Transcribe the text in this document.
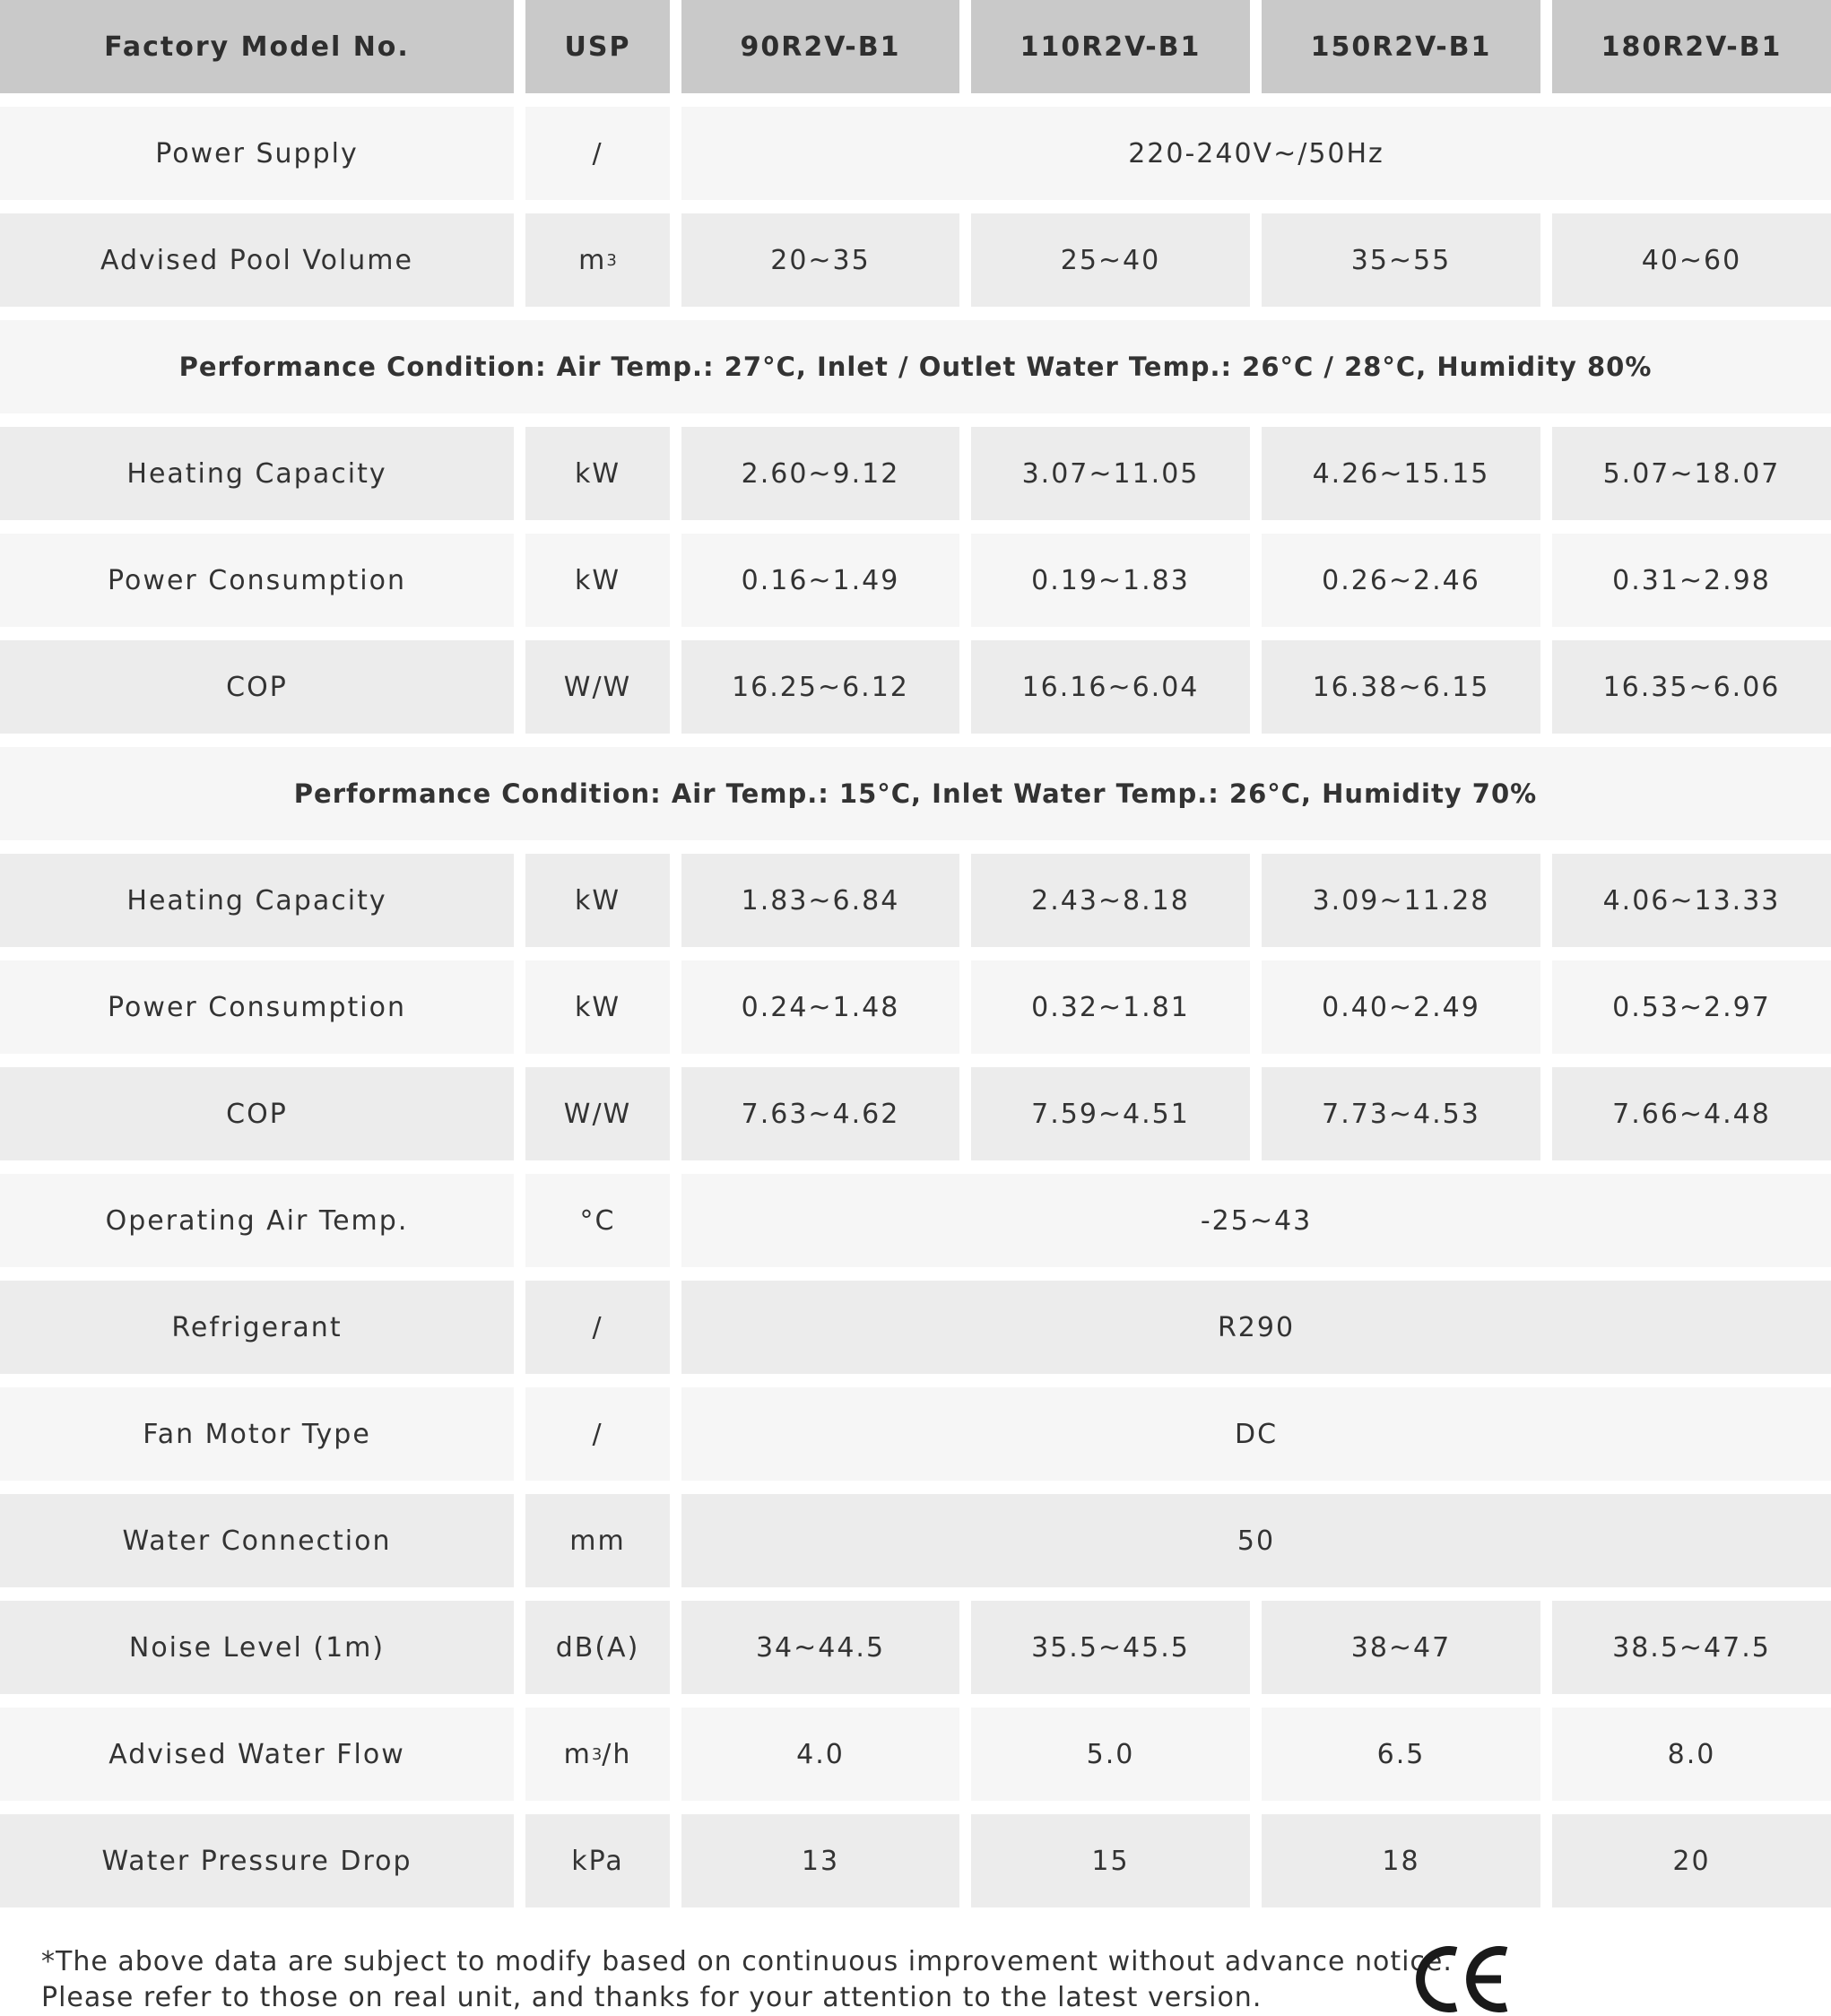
Factory Model No.	USP	90R2V-B1	110R2V-B1	150R2V-B1	180R2V-B1
Power Supply	/	220-240V~/50Hz
Advised Pool Volume	m 3	20~35	25~40	35~55	40~60
Performance Condition: Air Temp.: 27°C, Inlet / Outlet Water Temp.: 26°C / 28°C, Humidity 80%
Heating Capacity	kW	2.60~9.12	3.07~11.05	4.26~15.15	5.07~18.07
Power Consumption	kW	0.16~1.49	0.19~1.83	0.26~2.46	0.31~2.98
COP	W/W	16.25~6.12	16.16~6.04	16.38~6.15	16.35~6.06
Performance Condition: Air Temp.: 15°C, Inlet Water Temp.: 26°C, Humidity 70%
Heating Capacity	kW	1.83~6.84	2.43~8.18	3.09~11.28	4.06~13.33
Power Consumption	kW	0.24~1.48	0.32~1.81	0.40~2.49	0.53~2.97
COP	W/W	7.63~4.62	7.59~4.51	7.73~4.53	7.66~4.48
Operating Air Temp.	°C	-25~43
Refrigerant	/	R290
Fan Motor Type	/	DC
Water Connection	mm	50
Noise Level (1m)	dB(A)	34~44.5	35.5~45.5	38~47	38.5~47.5
Advised Water Flow	m 3 /h	4.0	5.0	6.5	8.0
Water Pressure Drop	kPa	13	15	18	20
*The above data are subject to modify based on continuous improvement without advance notice.
Please refer to those on real unit, and thanks for your attention to the latest version.
